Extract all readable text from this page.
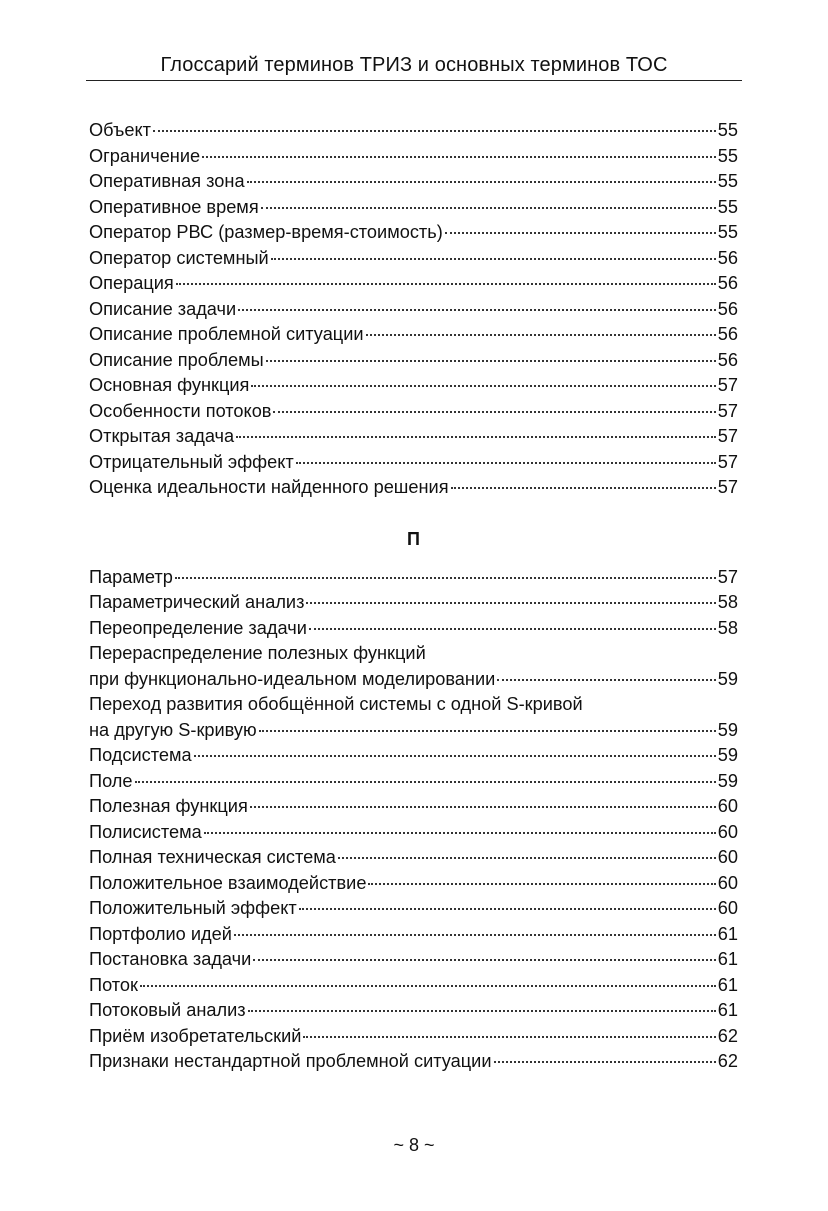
Глоссарий терминов ТРИЗ и основных терминов ТОС
Объект	55
Ограничение	55
Оперативная зона	55
Оперативное время	55
Оператор РВС (размер-время-стоимость)	55
Оператор системный	56
Операция	56
Описание задачи	56
Описание проблемной ситуации	56
Описание проблемы	56
Основная функция	57
Особенности потоков	57
Открытая задача	57
Отрицательный эффект	57
Оценка идеальности найденного решения	57
П
Параметр	57
Параметрический анализ	58
Переопределение задачи	58
Перераспределение полезных функций
при функционально-идеальном моделировании	59
Переход развития обобщённой системы с одной S-кривой
на другую S-кривую	59
Подсистема	59
Поле	59
Полезная функция	60
Полисистема	60
Полная техническая система	60
Положительное взаимодействие	60
Положительный эффект	60
Портфолио идей	61
Постановка задачи	61
Поток	61
Потоковый анализ	61
Приём изобретательский	62
Признаки нестандартной проблемной ситуации	62
~ 8 ~
